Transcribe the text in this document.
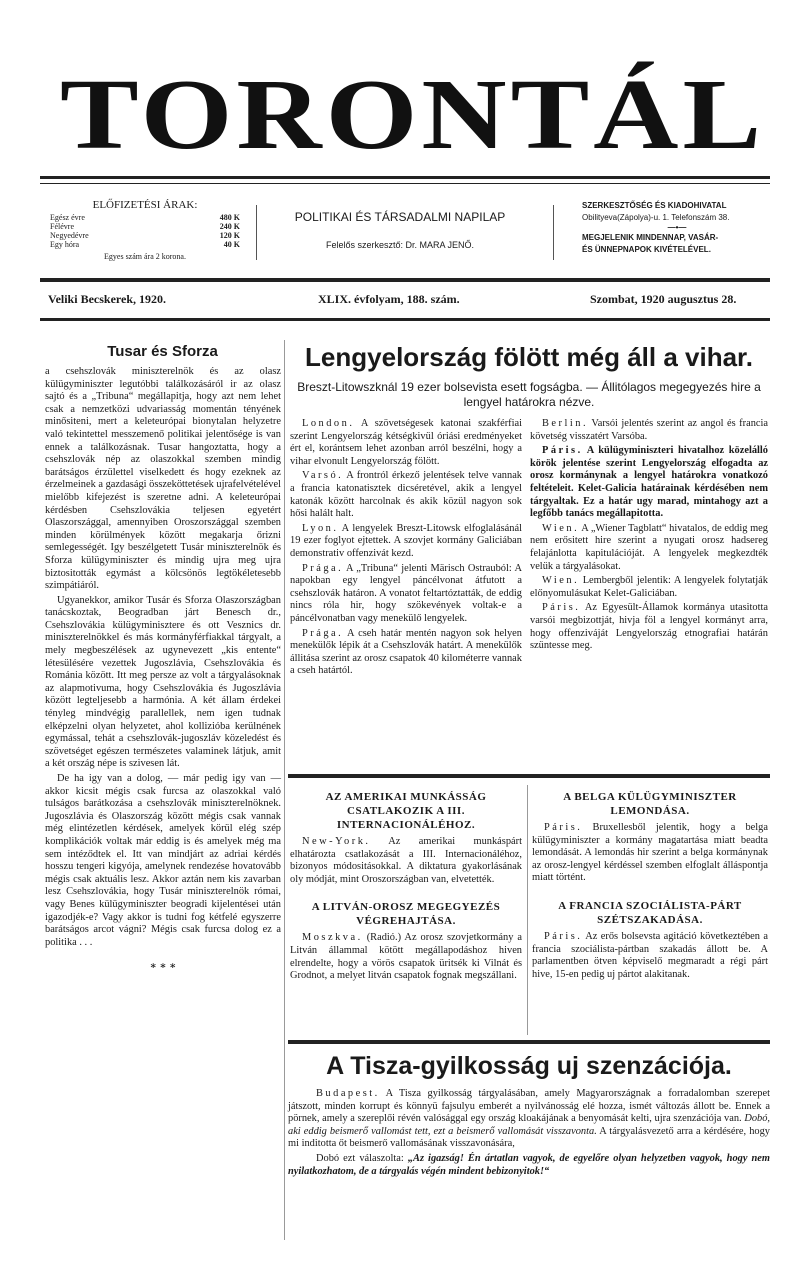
TORONTÁL
ELŐFIZETÉSI ÁRAK:
Egész évre	480 K
Félévre	240 K
Negyedévre	120 K
Egy hóra	40 K
Egyes szám ára 2 korona.
POLITIKAI ÉS TÁRSADALMI NAPILAP
Felelős szerkesztő: Dr. MARA JENŐ.
SZERKESZTŐSÉG ÉS KIADOHIVATAL
Obilityeva(Zápolya)-u. 1. Telefonszám 38.
—•—
MEGJELENIK MINDENNAP, VASÁR-
ÉS ÜNNEPNAPOK KIVÉTELÉVEL.
Veliki Becskerek, 1920.	XLIX. évfolyam, 188. szám.	Szombat, 1920 augusztus 28.
Tusar és Sforza

a csehszlovák miniszterelnök és az olasz külügyminiszter legutóbbi találkozásáról ir az olasz sajtó és a „Tribuna“ megállapitja, hogy azt nem lehet csak a nemzetközi udvariasság momentán tényének minősiteni, mert a keleteurópai bionytalan helyzetre való tekintettel messzemenő politikai jelentősége is van ennek a találkozásnak. Tusar hangoztatta, hogy a csehszlovák nép az olaszokkal szemben mindig barátságos érzülettel viselkedett és hogy ezeknek az érzelmeinek a gazdasági összeköttetések ujrafelvételével mielőbb kifejezést is szeretne adni. A keleteurópai kérdésben Csehszlovákia teljesen egyetért Olaszországgal, amennyiben Oroszországgal szemben minden körülmények között megakarja őrizni semlegességét. Igy beszélgetett Tusár miniszterelnök és Sforza külügyminiszter és mindig ujra meg ujra biztositották egymást a kölcsönös legtökéletesebb szimpátiáról.

Ugyanekkor, amikor Tusár és Sforza Olaszországban tanácskoztak, Beogradban járt Benesch dr., Csehszlovákia külügyminisztere és ott Vesznics dr. miniszterelnökkel és más kormányférfiakkal tárgyalt, a mely megbeszélések az ugynevezett „kis entente“ létesülésére vezettek Jugoszlávia, Csehszlovákia és Románia között. Itt meg persze az volt a tárgyalásoknak az alapmotivuma, hogy Csehszlovákia és Jugoszlávia között legteljesebb a harmónia. A két állam érdekei tényleg mindvégig parallellek, nem igen tudnak elképzelni olyan helyzetet, ahol kollizióba kerülnének egymással, tehát a csehszlovák-jugoszláv közeledést és szövetséget egészen természetes valaminek látjuk, amit a két ország népe is szivesen lát.

De ha igy van a dolog, — már pedig igy van — akkor kicsit mégis csak furcsa az olaszokkal való tulságos barátkozása a csehszlovák miniszterelnöknek. Jugoszlávia és Olaszország között mégis csak vannak még elintézetlen kérdések, amelyek körül elég szép komplikációk voltak már eddig is és amelyek még ma sem intéződtek el. Itt van mindjárt az adriai kérdés hosszu tengeri kigyója, amelynek rendezése hovatovább mégis csak aktuális lesz. Akkor aztán nem kis zavarban lesz Csehszlovákia, hogy Tusár miniszterelnök római, vagy Benes külügyminiszter beogradi kijelentései után igazodjék-e? Vagy akkor is tudni fog kétfelé egyszerre barátságos arcot vágni? Mégis csak furcsa dolog ez a politika . . .

∗ ∗ ∗
Lengyelország fölött még áll a vihar.
Breszt-Litowszknál 19 ezer bolsevista esett fogságba. — Állitólagos megegyezés hire a lengyel határokra nézve.

London. A szövetségesek katonai szakférfiai szerint Lengyelország kétségkivül óriási eredményeket ért el, korántsem lehet azonban arról beszélni, hogy a vihar elvonult Lengyelország fölött.

Varsó. A frontról érkező jelentések telve vannak a francia katonatisztek dicséretével, akik a lengyel katonák között harcolnak és akik közül nagyon sok hősi halált halt.

Lyon. A lengyelek Breszt-Litowsk elfoglalásánál 19 ezer foglyot ejtettek. A szovjet kormány Galiciában demonstrativ offenzivát kezd.

Prága. A „Tribuna“ jelenti Märisch Ostrauból: A napokban egy lengyel páncélvonat átfutott a csehszlovák határon. A vonatot feltartóztatták, de eddig nincs róla hir, hogy szökevények voltak-e a páncélvonatban vagy menekülő lengyelek.

Prága. A cseh határ mentén nagyon sok helyen menekülők lépik át a Csehszlovák határt. A menekülők állitása szerint az orosz csapatok 40 kilométerre vannak a cseh határtól.

Berlin. Varsói jelentés szerint az angol és francia követség visszatért Varsóba.

Páris. A külügyminiszteri hivatalhoz közelálló körök jelentése szerint Lengyelország elfogadta az orosz kormánynak a lengyel határokra vonatkozó feltételeit. Kelet-Galicia határainak kérdésében nem tárgyaltak. Ez a határ ugy marad, mintahogy azt a legfőbb tanács megállapitotta.

Wien. A „Wiener Tagblatt“ hivatalos, de eddig meg nem erősitett hire szerint a nyugati orosz hadsereg felajánlotta kapitulációját. A lengyelek megkezdték velük a tárgyalásokat.

Wien. Lembergből jelentik: A lengyelek folytatják előnyomulásukat Kelet-Galiciában.

Páris. Az Egyesült-Államok kormánya utasitotta varsói megbizottját, hivja föl a lengyel kormányt arra, hogy offenziváját Lengyelország etnografiai határán szüntesse meg.

AZ AMERIKAI MUNKÁSSÁG CSATLAKOZIK A III. INTERNACIONÁLÉHOZ.

New-York. Az amerikai munkáspárt elhatározta csatlakozását a III. Internacionáléhoz, bizonyos módositásokkal. A diktatura gyakorlásának oly módját, mint Oroszországban van, elvetették.

A LITVÁN-OROSZ MEGEGYEZÉS VÉGREHAJTÁSA.

Moszkva. (Radió.) Az orosz szovjetkormány a Litván állammal kötött megállapodáshoz hiven elrendelte, hogy a vörös csapatok üritsék ki Vilnát és Grodnot, a melyet litván csapatok fognak megszállani.

A BELGA KÜLÜGYMINISZTER LEMONDÁSA.

Páris. Bruxellesből jelentik, hogy a belga külügyminiszter a kormány magatartása miatt beadta lemondását. A lemondás hir szerint a belga kormánynak az orosz-lengyel kérdéssel szemben elfoglalt álláspontja miatt történt.

A FRANCIA SZOCIÁLISTA-PÁRT SZÉTSZAKADÁSA.

Páris. Az erős bolsevsta agitáció következtében a francia szociálista-pártban szakadás állott be. A parlamentben ötven képviselő megmaradt a régi párt hive, 15-en pedig uj pártot alakitanak.

A Tisza-gyilkosság uj szenzációja.

Budapest. A Tisza gyilkosság tárgyalásában, amely Magyarországnak a forradalomban szerepet játszott, minden korrupt és könnyü fajsulyu emberét a nyilvánosság elé hozza, ismét változás állott be. Ennek a pörnek, amely a szereplői révén valósággal egy ország kloakájának a benyomását kelti, ujra szenzációja van. Dobó, aki eddig beismerő vallomást tett, ezt a beismerő vallomását visszavonta. A tárgyalásvezető arra a kérdésére, hogy mi inditotta őt beismerő vallomásának visszavonására,

Dobó ezt válaszolta: „Az igazság! Én ártatlan vagyok, de egyelőre olyan helyzetben vagyok, hogy nem nyilatkozhatom, de a tárgyalás végén mindent bebizonyitok!“
